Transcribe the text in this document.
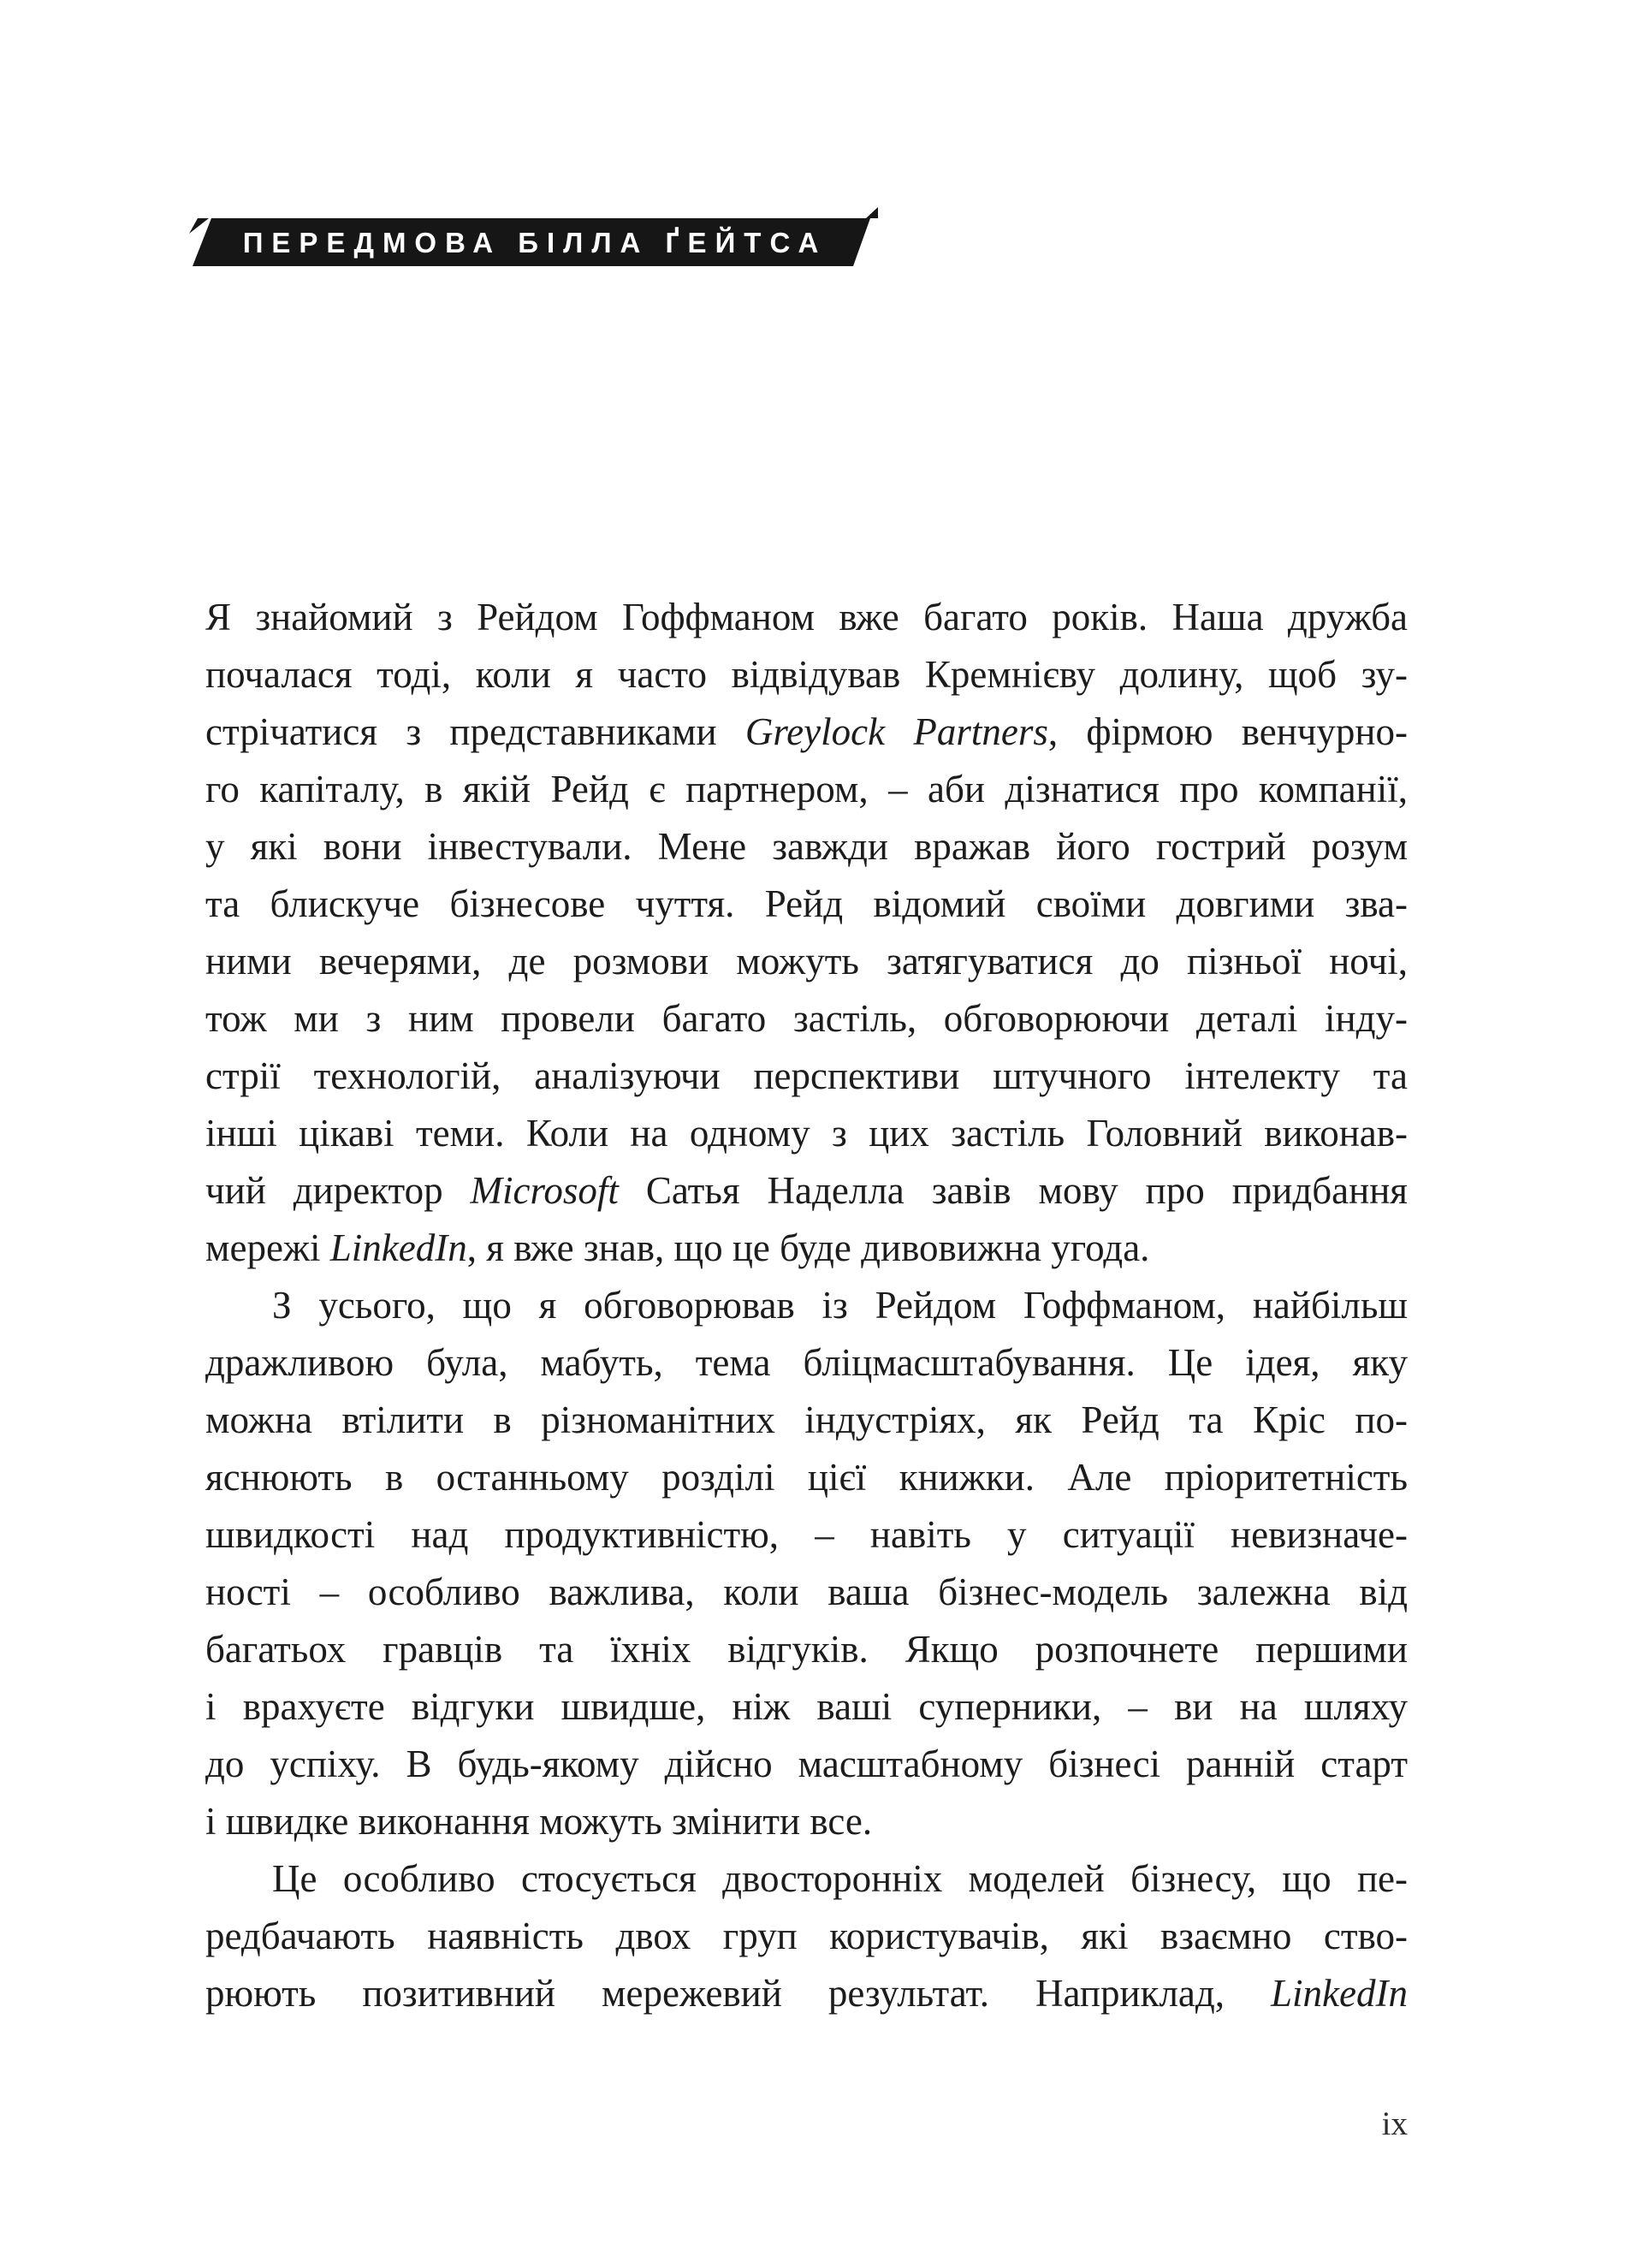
ПЕРЕДМОВА БІЛЛА ҐЕЙТСА
Я знайомий з Рейдом Гоффманом вже багато років. Наша дружба
почалася тоді, коли я часто відвідував Кремнієву долину, щоб зу-
стрічатися з представниками Greylock Partners, фірмою венчурно-
го капіталу, в якій Рейд є партнером, – аби дізнатися про компанії,
у які вони інвестували. Мене завжди вражав його гострий розум
та блискуче бізнесове чуття. Рейд відомий своїми довгими зва-
ними вечерями, де розмови можуть затягуватися до пізньої ночі,
тож ми з ним провели багато застіль, обговорюючи деталі інду-
стрії технологій, аналізуючи перспективи штучного інтелекту та
інші цікаві теми. Коли на одному з цих застіль Головний виконав-
чий директор Microsoft Сатья Наделла завів мову про придбання
мережі LinkedIn, я вже знав, що це буде дивовижна угода.
З усього, що я обговорював із Рейдом Гоффманом, найбільш
дражливою була, мабуть, тема бліцмасштабування. Це ідея, яку
можна втілити в різноманітних індустріях, як Рейд та Кріс по-
яснюють в останньому розділі цієї книжки. Але пріоритетність
швидкості над продуктивністю, – навіть у ситуації невизначе-
ності – особливо важлива, коли ваша бізнес-модель залежна від
багатьох гравців та їхніх відгуків. Якщо розпочнете першими
і врахуєте відгуки швидше, ніж ваші суперники, – ви на шляху
до успіху. В будь-якому дійсно масштабному бізнесі ранній старт
і швидке виконання можуть змінити все.
Це особливо стосується двосторонніх моделей бізнесу, що пе-
редбачають наявність двох груп користувачів, які взаємно ство-
рюють позитивний мережевий результат. Наприклад, LinkedIn
ix
